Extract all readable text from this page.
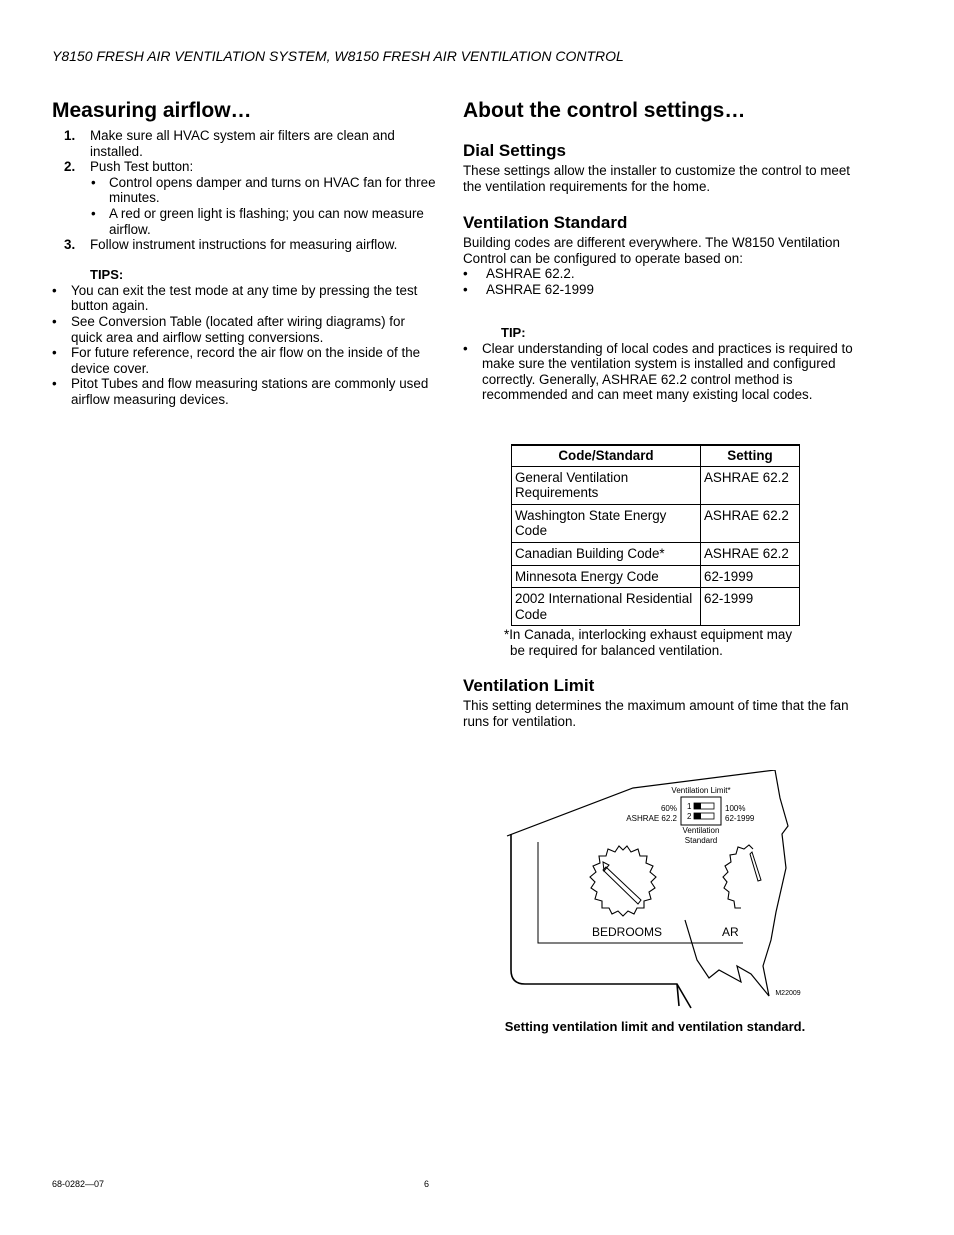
Y8150 FRESH AIR VENTILATION SYSTEM, W8150 FRESH AIR VENTILATION CONTROL
Measuring airflow…
1. Make sure all HVAC system air filters are clean and installed.
2. Push Test button:
• Control opens damper and turns on HVAC fan for three minutes.
• A red or green light is flashing; you can now measure airflow.
3. Follow instrument instructions for measuring airflow.
TIPS:
• You can exit the test mode at any time by pressing the test button again.
• See Conversion Table (located after wiring diagrams) for quick area and airflow setting conversions.
• For future reference, record the air flow on the inside of the device cover.
• Pitot Tubes and flow measuring stations are commonly used airflow measuring devices.
About the control settings…
Dial Settings

These settings allow the installer to customize the control to meet the ventilation requirements for the home.

Ventilation Standard

Building codes are different everywhere. The W8150 Ventilation Control can be configured to operate based on:

• ASHRAE 62.2.
• ASHRAE 62-1999
TIP:
• Clear understanding of local codes and practices is required to make sure the ventilation system is installed and configured correctly. Generally, ASHRAE 62.2 control method is recommended and can meet many existing local codes.
Code/Standard	Setting
General Ventilation Requirements	ASHRAE 62.2
Washington State Energy Code	ASHRAE 62.2
Canadian Building Code*	ASHRAE 62.2
Minnesota Energy Code	62-1999
2002 International Residential Code	62-1999
*In Canada, interlocking exhaust equipment may be required for balanced ventilation.
Ventilation Limit

This setting determines the maximum amount of time that the fan runs for ventilation.

1
2
Ventilation Limit*
60%
ASHRAE 62.2
100%
62-1999
Ventilation
Standard
BEDROOMS	AR
M22009
Setting ventilation limit and ventilation standard.
68-0282—07	6
